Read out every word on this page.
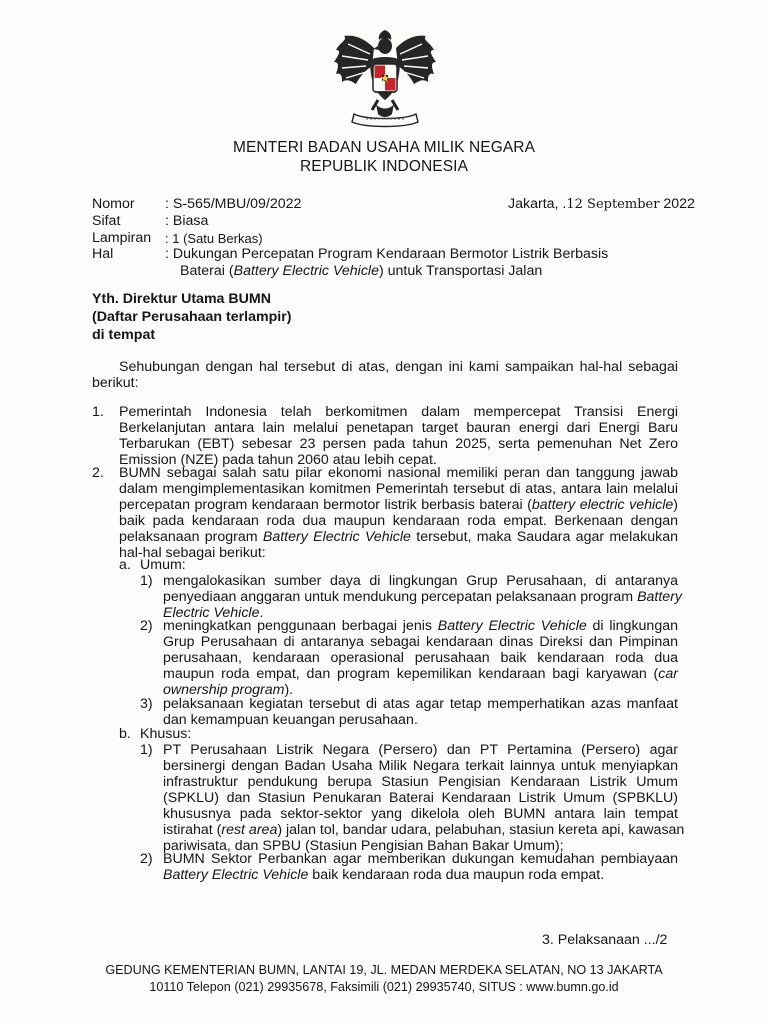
MENTERI BADAN USAHA MILIK NEGARA
REPUBLIK INDONESIA
Nomor : S-565/MBU/09/2022
Sifat	: Biasa
Lampiran : 1 (Satu Berkas)
Hal	: Dukungan Percepatan Program Kendaraan Bermotor Listrik Berbasis
Baterai (Battery Electric Vehicle) untuk Transportasi Jalan
Jakarta, .12 September 2022
Yth. Direktur Utama BUMN
(Daftar Perusahaan terlampir)
di tempat
Sehubungan dengan hal tersebut di atas, dengan ini kami sampaikan hal-hal sebagai
berikut:
1. Pemerintah Indonesia telah berkomitmen dalam mempercepat Transisi Energi
Berkelanjutan antara lain melalui penetapan target bauran energi dari Energi Baru
Terbarukan (EBT) sebesar 23 persen pada tahun 2025, serta pemenuhan Net Zero
Emission (NZE) pada tahun 2060 atau lebih cepat.
2. BUMN sebagai salah satu pilar ekonomi nasional memiliki peran dan tanggung jawab
dalam mengimplementasikan komitmen Pemerintah tersebut di atas, antara lain melalui
percepatan program kendaraan bermotor listrik berbasis baterai (battery electric vehicle)
baik pada kendaraan roda dua maupun kendaraan roda empat. Berkenaan dengan
pelaksanaan program Battery Electric Vehicle tersebut, maka Saudara agar melakukan
hal-hal sebagai berikut:
a. Umum:
1) mengalokasikan sumber daya di lingkungan Grup Perusahaan, di antaranya
penyediaan anggaran untuk mendukung percepatan pelaksanaan program Battery
Electric Vehicle.
2) meningkatkan penggunaan berbagai jenis Battery Electric Vehicle di lingkungan
Grup Perusahaan di antaranya sebagai kendaraan dinas Direksi dan Pimpinan
perusahaan, kendaraan operasional perusahaan baik kendaraan roda dua
maupun roda empat, dan program kepemilikan kendaraan bagi karyawan (car
ownership program).
3) pelaksanaan kegiatan tersebut di atas agar tetap memperhatikan azas manfaat
dan kemampuan keuangan perusahaan.
b. Khusus:
1) PT Perusahaan Listrik Negara (Persero) dan PT Pertamina (Persero) agar
bersinergi dengan Badan Usaha Milik Negara terkait lainnya untuk menyiapkan
infrastruktur pendukung berupa Stasiun Pengisian Kendaraan Listrik Umum
(SPKLU) dan Stasiun Penukaran Baterai Kendaraan Listrik Umum (SPBKLU)
khususnya pada sektor-sektor yang dikelola oleh BUMN antara lain tempat
istirahat (rest area) jalan tol, bandar udara, pelabuhan, stasiun kereta api, kawasan
pariwisata, dan SPBU (Stasiun Pengisian Bahan Bakar Umum);
2) BUMN Sektor Perbankan agar memberikan dukungan kemudahan pembiayaan
Battery Electric Vehicle baik kendaraan roda dua maupun roda empat.
3. Pelaksanaan .../2
GEDUNG KEMENTERIAN BUMN, LANTAI 19, JL. MEDAN MERDEKA SELATAN, NO 13 JAKARTA
10110 Telepon (021) 29935678, Faksimili (021) 29935740, SITUS : www.bumn.go.id
